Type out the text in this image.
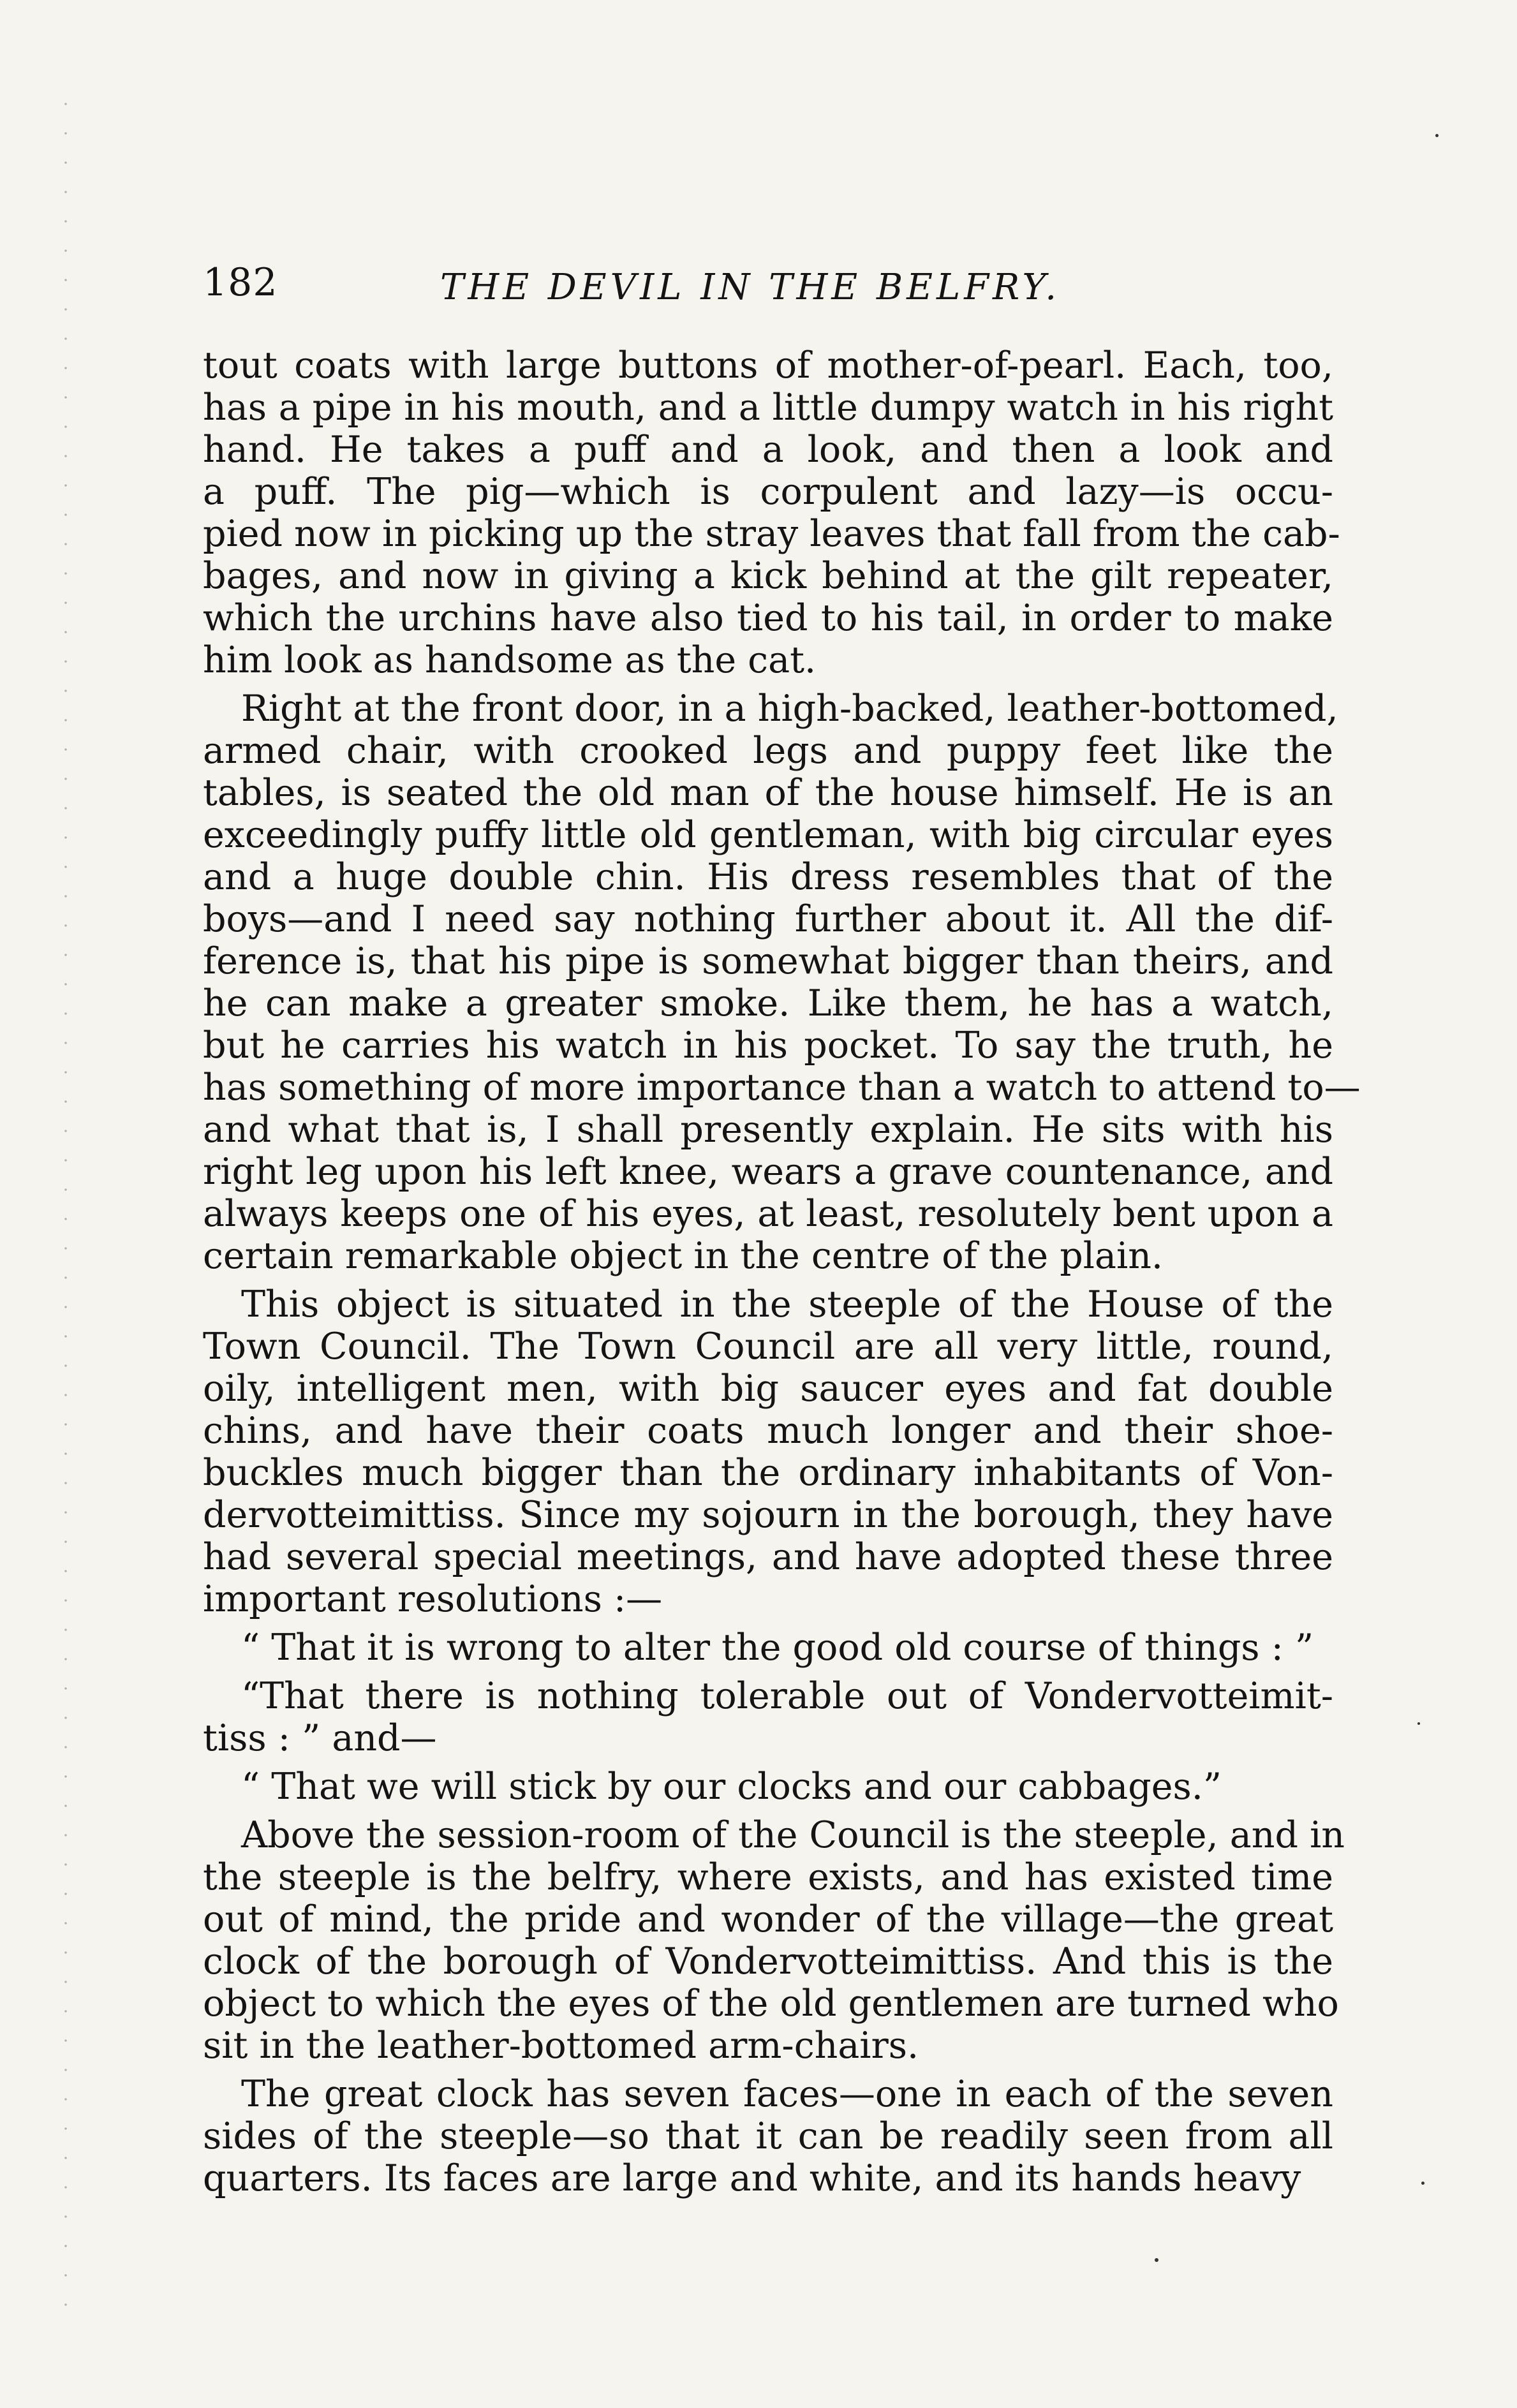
182	THE DEVIL IN THE BELFRY.
tout coats with large buttons of mother-of-pearl. Each, too,
has a pipe in his mouth, and a little dumpy watch in his right
hand. He takes a puff and a look, and then a look and
a puff. The pig—which is corpulent and lazy—is occu-
pied now in picking up the stray leaves that fall from the cab-
bages, and now in giving a kick behind at the gilt repeater,
which the urchins have also tied to his tail, in order to make
him look as handsome as the cat.
Right at the front door, in a high-backed, leather-bottomed,
armed chair, with crooked legs and puppy feet like the
tables, is seated the old man of the house himself. He is an
exceedingly puffy little old gentleman, with big circular eyes
and a huge double chin. His dress resembles that of the
boys—and I need say nothing further about it. All the dif-
ference is, that his pipe is somewhat bigger than theirs, and
he can make a greater smoke. Like them, he has a watch,
but he carries his watch in his pocket. To say the truth, he
has something of more importance than a watch to attend to—
and what that is, I shall presently explain. He sits with his
right leg upon his left knee, wears a grave countenance, and
always keeps one of his eyes, at least, resolutely bent upon a
certain remarkable object in the centre of the plain.
This object is situated in the steeple of the House of the
Town Council. The Town Council are all very little, round,
oily, intelligent men, with big saucer eyes and fat double
chins, and have their coats much longer and their shoe-
buckles much bigger than the ordinary inhabitants of Von-
dervotteimittiss. Since my sojourn in the borough, they have
had several special meetings, and have adopted these three
important resolutions :—
“ That it is wrong to alter the good old course of things : ”
“That there is nothing tolerable out of Vondervotteimit-
tiss : ” and—
“ That we will stick by our clocks and our cabbages.”
Above the session-room of the Council is the steeple, and in
the steeple is the belfry, where exists, and has existed time
out of mind, the pride and wonder of the village—the great
clock of the borough of Vondervotteimittiss. And this is the
object to which the eyes of the old gentlemen are turned who
sit in the leather-bottomed arm-chairs.
The great clock has seven faces—one in each of the seven
sides of the steeple—so that it can be readily seen from all
quarters. Its faces are large and white, and its hands heavy
